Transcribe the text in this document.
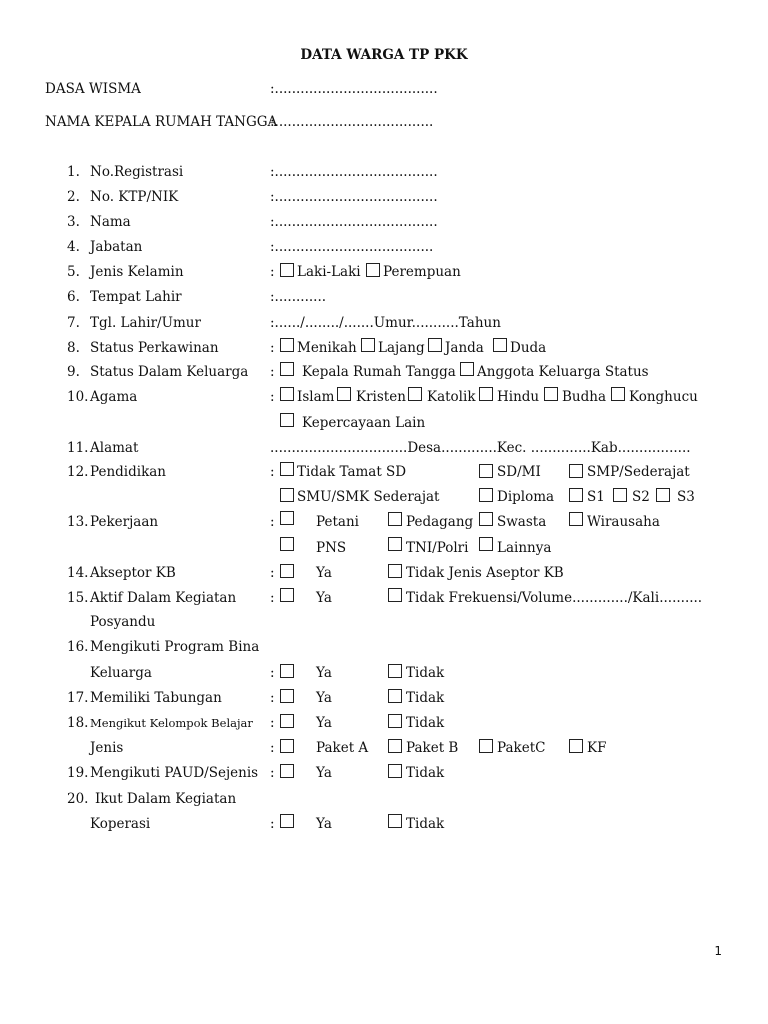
DATA WARGA TP PKK
DASA WISMA	:......................................
NAMA KEPALA RUMAH TANGGA
:.....................................
1. No.Registrasi	:......................................
2. No. KTP/NIK	:......................................
3. Nama	:......................................
4. Jabatan	:.....................................
5. Jenis Kelamin	: Laki-Laki Perempuan
6. Tempat Lahir	:............
7. Tgl. Lahir/Umur	:....../......../.......Umur...........Tahun
8. Status Perkawinan	: Menikah Lajang Janda Duda
9. Status Dalam Keluarga : Kepala Rumah Tangga Anggota Keluarga Status
10. Agama	: Islam Kristen Katolik Hindu Budha Konghucu
Kepercayaan Lain
11. Alamat	................................Desa.............Kec. ..............Kab.................
12. Pendidikan	: Tidak Tamat SD	SD/MI	SMP/Sederajat
SMU/SMK Sederajat	Diploma S1 S2 S3
13. Pekerjaan	:	Petani	Pedagang Swasta	Wirausaha
PNS	TNI/Polri Lainnya
14. Akseptor KB	:	Ya	Tidak Jenis Aseptor KB
15. Aktif Dalam Kegiatan
Posyandu
:	Ya	Tidak Frekuensi/Volume............./Kali..........
16. Mengikuti Program Bina
Keluarga	:	Ya	Tidak
17. Memiliki Tabungan	:	Ya	Tidak
18. Mengikut Kelompok Belajar :	Ya	Tidak
Jenis	:	Paket A	Paket B	PaketC	KF
19. Mengikuti PAUD/Sejenis :	Ya	Tidak
20. Ikut Dalam Kegiatan
Koperasi	:	Ya	Tidak
1
